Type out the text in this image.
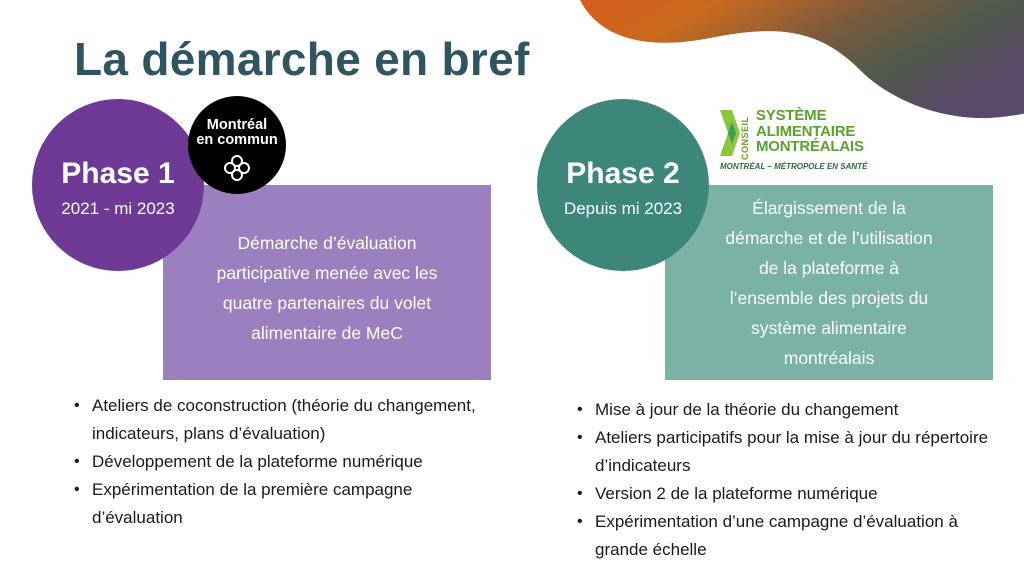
La démarche en bref
Démarche d’évaluation
participative menée avec les
quatre partenaires du volet
alimentaire de MeC
Phase 1
2021 - mi 2023
Montréal
en commun
• Ateliers de coconstruction (théorie du changement, indicateurs, plans d’évaluation)
• Développement de la plateforme numérique
• Expérimentation de la première campagne d’évaluation
Élargissement de la
démarche et de l’utilisation
de la plateforme à
l’ensemble des projets du
système alimentaire
montréalais
Phase 2
Depuis mi 2023
CONSEIL
SYSTÈME
ALIMENTAIRE
MONTRÉALAIS
MONTRÉAL – MÉTROPOLE EN SANTÉ
• Mise à jour de la théorie du changement
• Ateliers participatifs pour la mise à jour du répertoire d’indicateurs
• Version 2 de la plateforme numérique
• Expérimentation d’une campagne d’évaluation à grande échelle
